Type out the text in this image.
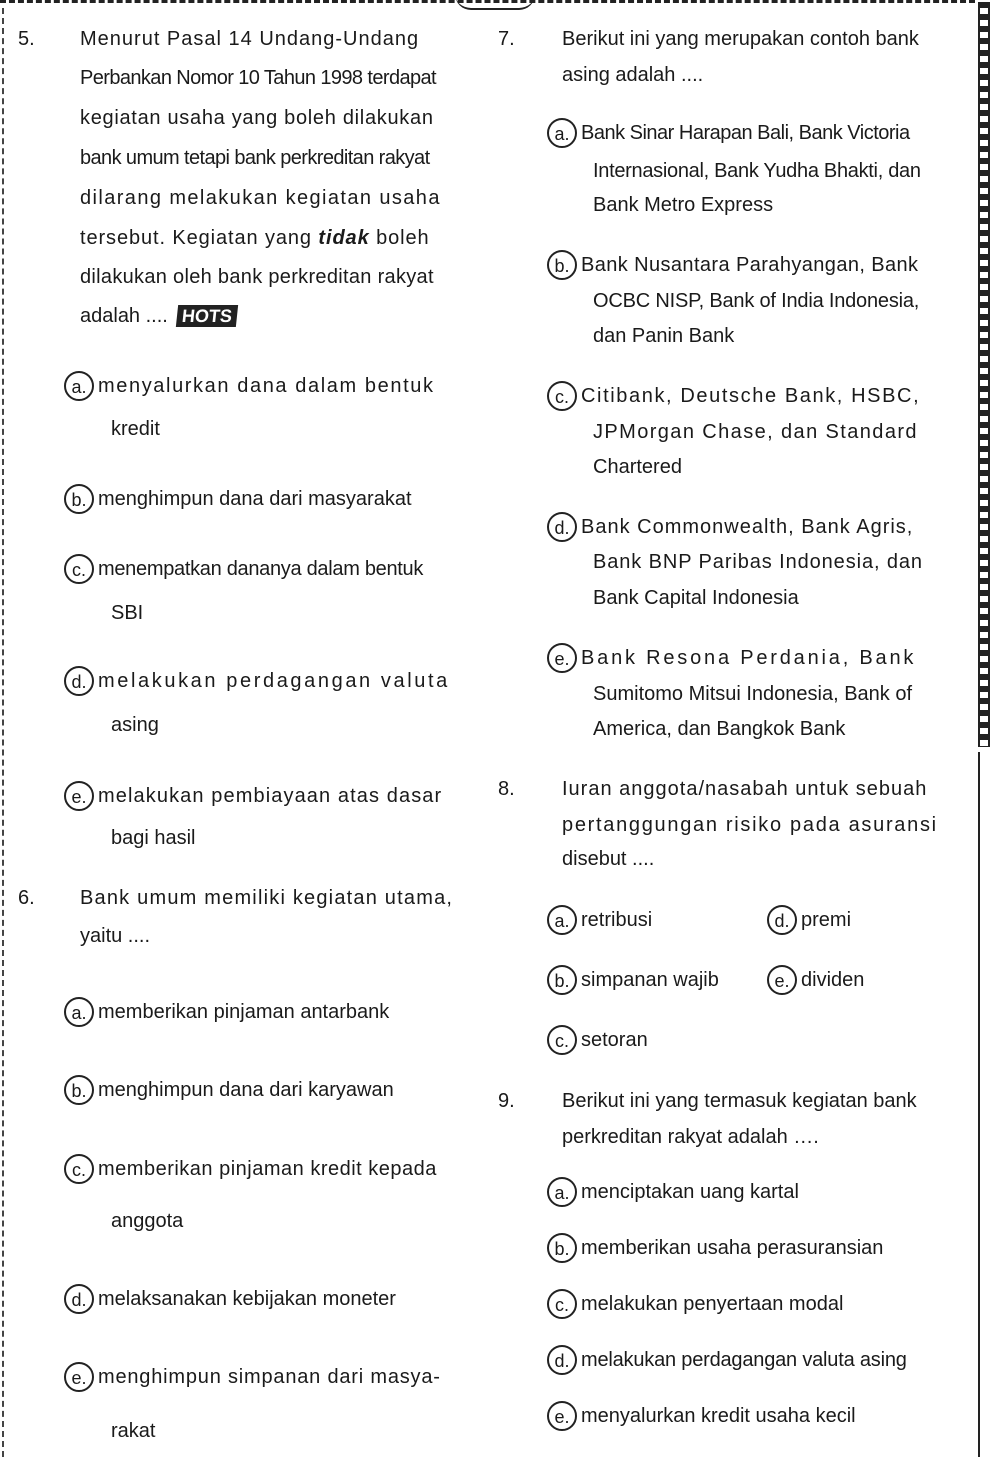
5. Menurut Pasal 14 Undang-Undang
Perbankan Nomor 10 Tahun 1998 terdapat
kegiatan usaha yang boleh dilakukan
bank umum tetapi bank perkreditan rakyat
dilarang melakukan kegiatan usaha
tersebut. Kegiatan yang tidak boleh
dilakukan oleh bank perkreditan rakyat
adalah .... HOTS
a. menyalurkan dana dalam bentuk
kredit
b. menghimpun dana dari masyarakat
c. menempatkan dananya dalam bentuk
SBI
d. melakukan perdagangan valuta
asing
e. melakukan pembiayaan atas dasar
bagi hasil
6. Bank umum memiliki kegiatan utama,
yaitu ....
a. memberikan pinjaman antarbank
b. menghimpun dana dari karyawan
c. memberikan pinjaman kredit kepada
anggota
d. melaksanakan kebijakan moneter
e. menghimpun simpanan dari masya-
rakat
7. Berikut ini yang merupakan contoh bank
asing adalah ....
a. Bank Sinar Harapan Bali, Bank Victoria
Internasional, Bank Yudha Bhakti, dan
Bank Metro Express
b. Bank Nusantara Parahyangan, Bank
OCBC NISP, Bank of India Indonesia,
dan Panin Bank
c. Citibank, Deutsche Bank, HSBC,
JPMorgan Chase, dan Standard
Chartered
d. Bank Commonwealth, Bank Agris,
Bank BNP Paribas Indonesia, dan
Bank Capital Indonesia
e. Bank Resona Perdania, Bank
Sumitomo Mitsui Indonesia, Bank of
America, dan Bangkok Bank
8. Iuran anggota/nasabah untuk sebuah
pertanggungan risiko pada asuransi
disebut ....
a. retribusi	d. premi
b. simpanan wajib	e. dividen
c. setoran
9. Berikut ini yang termasuk kegiatan bank
perkreditan rakyat adalah ….
a. menciptakan uang kartal
b. memberikan usaha perasuransian
c. melakukan penyertaan modal
d. melakukan perdagangan valuta asing
e. menyalurkan kredit usaha kecil
